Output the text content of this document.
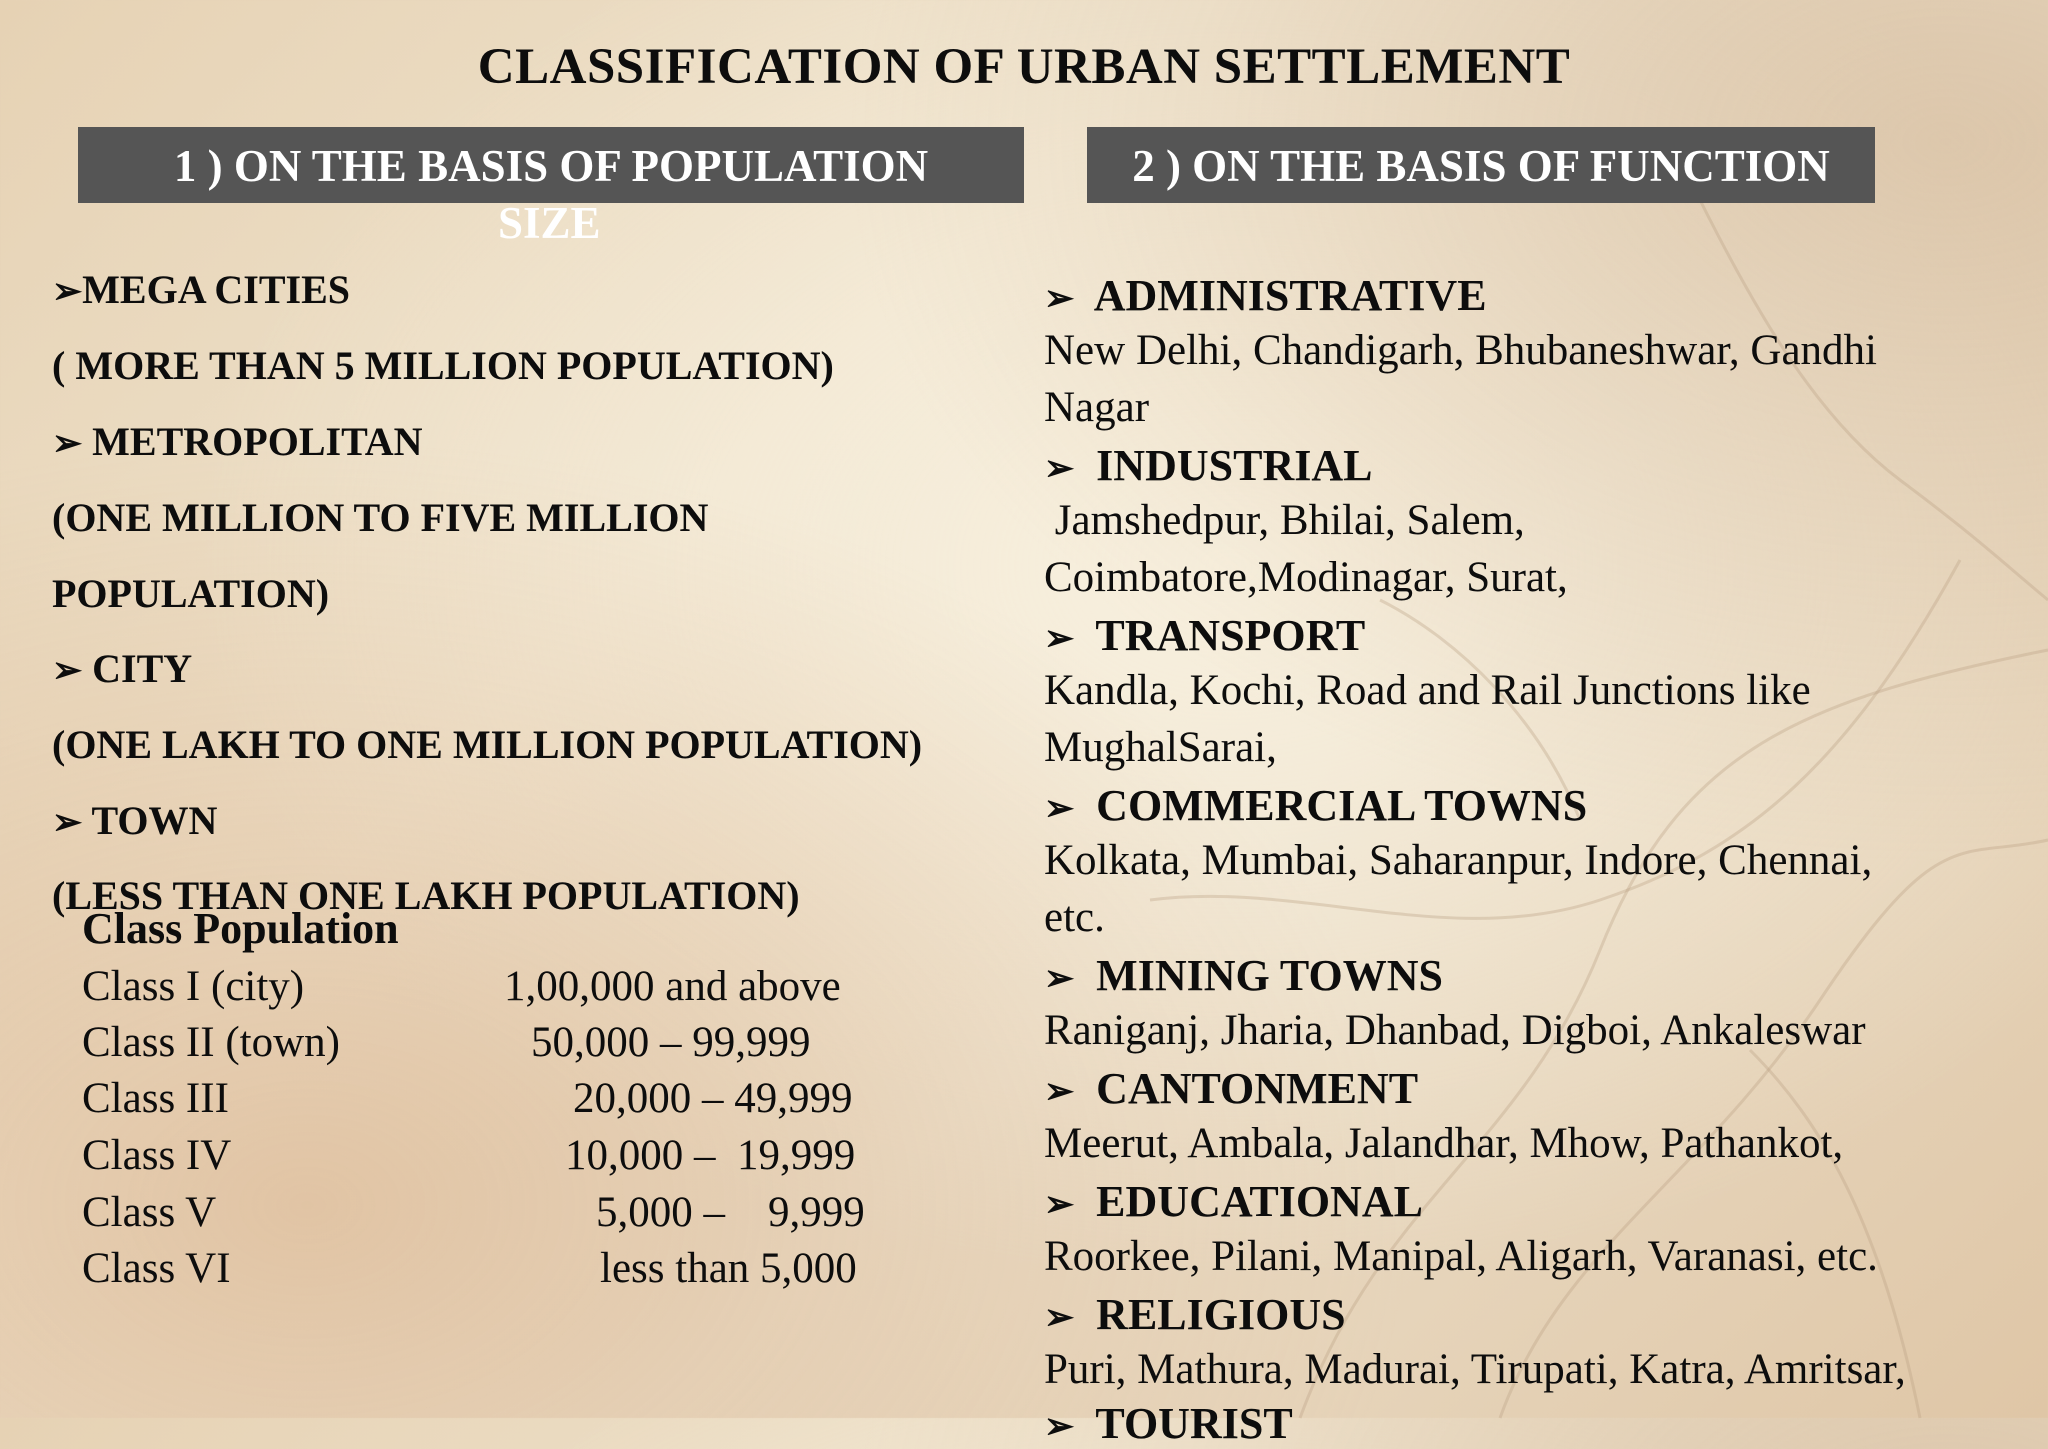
CLASSIFICATION OF URBAN SETTLEMENT
1 ) ON THE BASIS OF POPULATION
SIZE
2 ) ON THE BASIS OF FUNCTION
➢MEGA CITIES
( MORE THAN 5 MILLION POPULATION)
➢ METROPOLITAN
(ONE MILLION TO FIVE MILLION
POPULATION)
➢ CITY
(ONE LAKH TO ONE MILLION POPULATION)
➢ TOWN
(LESS THAN ONE LAKH POPULATION)
Class Population
Class I (city)	1,00,000 and above
Class II (town)	50,000 – 99,999
Class III	20,000 – 49,999
Class IV	10,000 –  19,999
Class V	5,000 –    9,999
Class VI	less than 5,000
➢ ADMINISTRATIVE
New Delhi, Chandigarh, Bhubaneshwar, Gandhi
Nagar
➢ INDUSTRIAL
Jamshedpur, Bhilai, Salem,
Coimbatore,Modinagar, Surat,
➢ TRANSPORT
Kandla, Kochi, Road and Rail Junctions like
MughalSarai,
➢ COMMERCIAL TOWNS
Kolkata, Mumbai, Saharanpur, Indore, Chennai,
etc.
➢ MINING TOWNS
Raniganj, Jharia, Dhanbad, Digboi, Ankaleswar
➢ CANTONMENT
Meerut, Ambala, Jalandhar, Mhow, Pathankot,
➢ EDUCATIONAL
Roorkee, Pilani, Manipal, Aligarh, Varanasi, etc.
➢ RELIGIOUS
Puri, Mathura, Madurai, Tirupati, Katra, Amritsar,
➢ TOURIST
